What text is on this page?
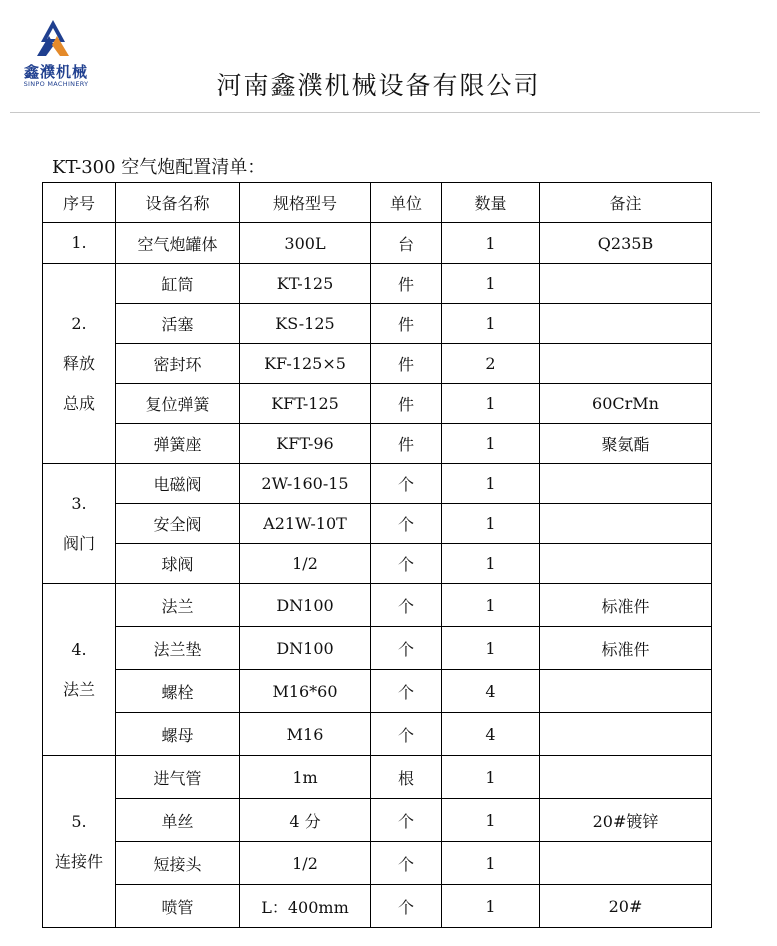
鑫濮机械
SINPO MACHINERY	河南鑫濮机械设备有限公司
KT-300 空气炮配置清单：
序号	设备名称	规格型号	单位	数量	备注
1.	空气炮罐体	300L	台	1	Q235B
2.
释放
总成	缸筒	KT-125	件	1	
	活塞	KS-125	件	1	
	密封环	KF-125×5	件	2	
	复位弹簧	KFT-125	件	1	60CrMn
	弹簧座	KFT-96	件	1	聚氨酯
3.
阀门	电磁阀	2W-160-15	个	1	
	安全阀	A21W-10T	个	1	
	球阀	1/2	个	1	
4.
法兰	法兰	DN100	个	1	标准件
	法兰垫	DN100	个	1	标准件
	螺栓	M16*60	个	4	
	螺母	M16	个	4	
5.
连接件	进气管	1m	根	1	
	单丝	4 分	个	1	20#镀锌
	短接头	1/2	个	1	
	喷管	L：400mm	个	1	20#
